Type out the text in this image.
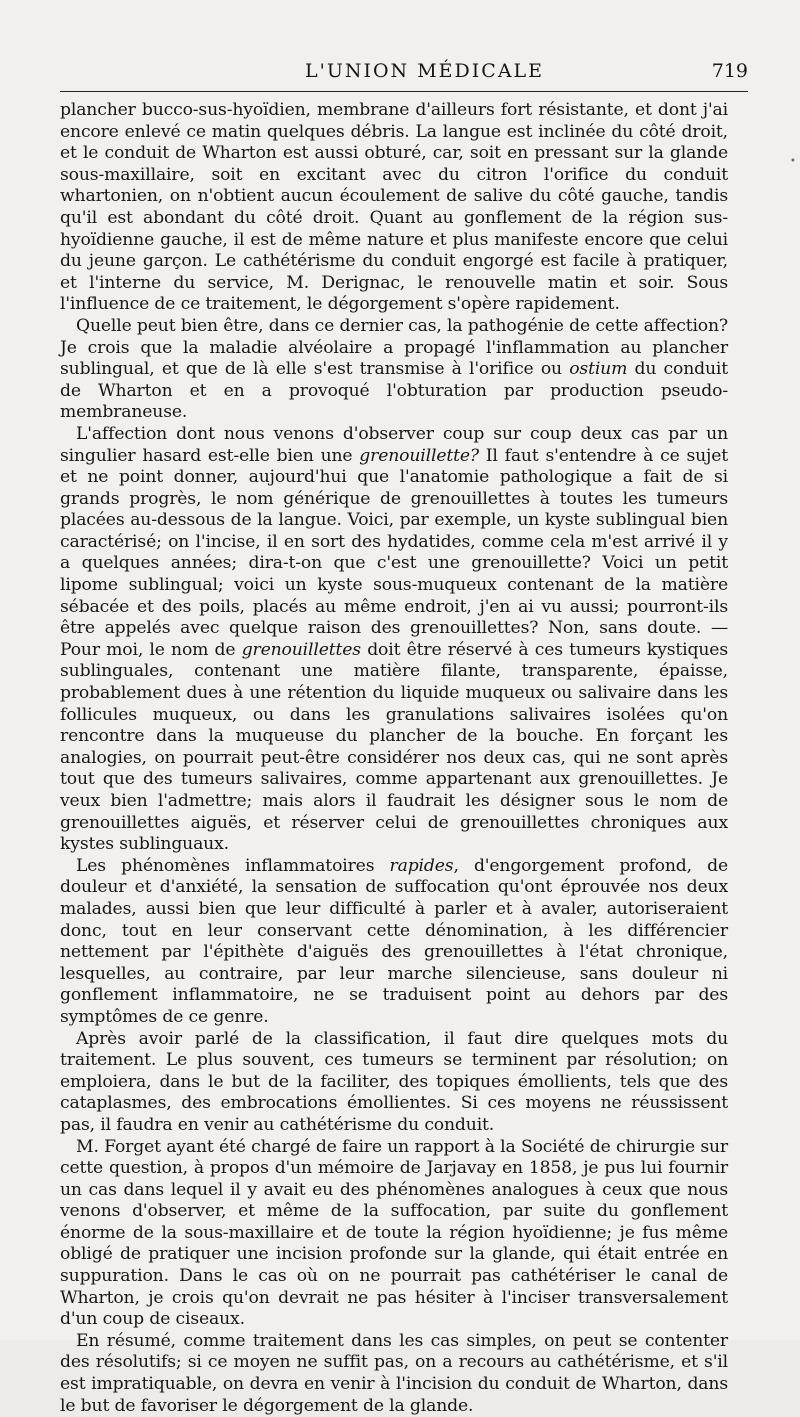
L'UNION MÉDICALE	719
•

plancher bucco-sus-hyoïdien, membrane d'ailleurs fort résistante, et dont j'ai encore enlevé ce matin quelques débris. La langue est inclinée du côté droit, et le conduit de Wharton est aussi obturé, car, soit en pressant sur la glande sous-maxillaire, soit en excitant avec du citron l'orifice du conduit whartonien, on n'obtient aucun écoulement de salive du côté gauche, tandis qu'il est abondant du côté droit. Quant au gonflement de la région sus-hyoïdienne gauche, il est de même nature et plus manifeste encore que celui du jeune garçon. Le cathétérisme du conduit engorgé est facile à pratiquer, et l'interne du service, M. Derignac, le renouvelle matin et soir. Sous l'influence de ce traitement, le dégorgement s'opère rapidement.

Quelle peut bien être, dans ce dernier cas, la pathogénie de cette affection? Je crois que la maladie alvéolaire a propagé l'inflammation au plancher sublingual, et que de là elle s'est transmise à l'orifice ou ostium du conduit de Wharton et en a provoqué l'obturation par production pseudo-membraneuse.

L'affection dont nous venons d'observer coup sur coup deux cas par un singulier hasard est-elle bien une grenouillette? Il faut s'entendre à ce sujet et ne point donner, aujourd'hui que l'anatomie pathologique a fait de si grands progrès, le nom générique de grenouillettes à toutes les tumeurs placées au-dessous de la langue. Voici, par exemple, un kyste sublingual bien caractérisé; on l'incise, il en sort des hydatides, comme cela m'est arrivé il y a quelques années; dira-t-on que c'est une grenouillette? Voici un petit lipome sublingual; voici un kyste sous-muqueux contenant de la matière sébacée et des poils, placés au même endroit, j'en ai vu aussi; pourront-ils être appelés avec quelque raison des grenouillettes? Non, sans doute. — Pour moi, le nom de grenouillettes doit être réservé à ces tumeurs kystiques sublinguales, contenant une matière filante, transparente, épaisse, probablement dues à une rétention du liquide muqueux ou salivaire dans les follicules muqueux, ou dans les granulations salivaires isolées qu'on rencontre dans la muqueuse du plancher de la bouche. En forçant les analogies, on pourrait peut-être considérer nos deux cas, qui ne sont après tout que des tumeurs salivaires, comme appartenant aux grenouillettes. Je veux bien l'admettre; mais alors il faudrait les désigner sous le nom de grenouillettes aiguës, et réserver celui de grenouillettes chroniques aux kystes sublinguaux.

Les phénomènes inflammatoires rapides, d'engorgement profond, de douleur et d'anxiété, la sensation de suffocation qu'ont éprouvée nos deux malades, aussi bien que leur difficulté à parler et à avaler, autoriseraient donc, tout en leur conservant cette dénomination, à les différencier nettement par l'épithète d'aiguës des grenouillettes à l'état chronique, lesquelles, au contraire, par leur marche silencieuse, sans douleur ni gonflement inflammatoire, ne se traduisent point au dehors par des symptômes de ce genre.

Après avoir parlé de la classification, il faut dire quelques mots du traitement. Le plus souvent, ces tumeurs se terminent par résolution; on emploiera, dans le but de la faciliter, des topiques émollients, tels que des cataplasmes, des embrocations émollientes. Si ces moyens ne réussissent pas, il faudra en venir au cathétérisme du conduit.

M. Forget ayant été chargé de faire un rapport à la Société de chirurgie sur cette question, à propos d'un mémoire de Jarjavay en 1858, je pus lui fournir un cas dans lequel il y avait eu des phénomènes analogues à ceux que nous venons d'observer, et même de la suffocation, par suite du gonflement énorme de la sous-maxillaire et de toute la région hyoïdienne; je fus même obligé de pratiquer une incision profonde sur la glande, qui était entrée en suppuration. Dans le cas où on ne pourrait pas cathétériser le canal de Wharton, je crois qu'on devrait ne pas hésiter à l'inciser transversalement d'un coup de ciseaux.

En résumé, comme traitement dans les cas simples, on peut se contenter des résolutifs; si ce moyen ne suffit pas, on a recours au cathétérisme, et s'il est impratiquable, on devra en venir à l'incision du conduit de Wharton, dans le but de favoriser le dégorgement de la glande.
